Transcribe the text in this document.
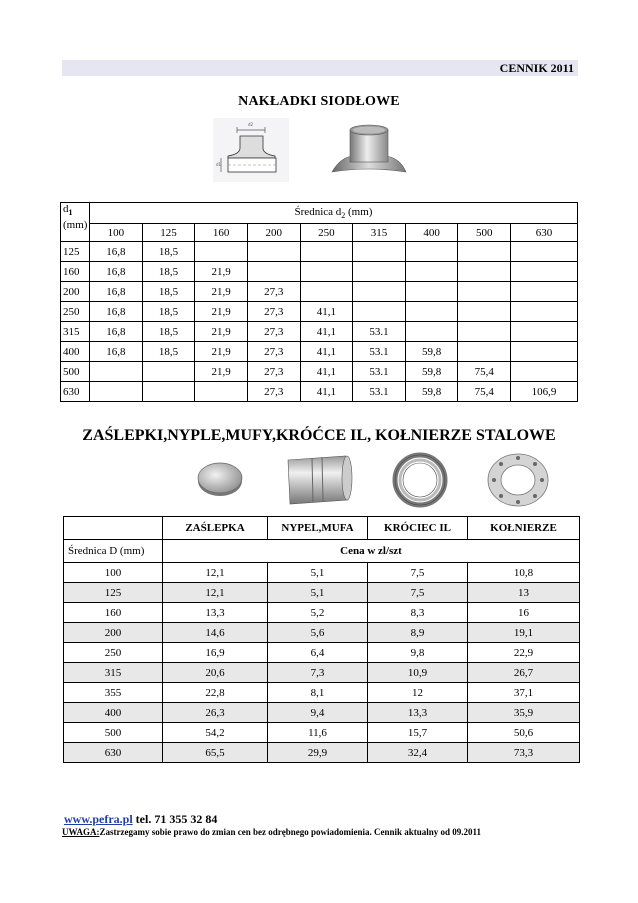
CENNIK 2011
NAKŁADKI SIODŁOWE
d2
d1
$d_1$
(mm)	Średnica $d_2$ (mm)								
	100	125	160	200	250	315	400	500	630
125	16,8	18,5							
160	16,8	18,5	21,9						
200	16,8	18,5	21,9	27,3					
250	16,8	18,5	21,9	27,3	41,1				
315	16,8	18,5	21,9	27,3	41,1	53.1			
400	16,8	18,5	21,9	27,3	41,1	53.1	59,8		
500			21,9	27,3	41,1	53.1	59,8	75,4	
630				27,3	41,1	53.1	59,8	75,4	106,9
ZAŚLEPKI,NYPLE,MUFY,KRÓĆCE IL, KOŁNIERZE STALOWE
	ZAŚLEPKA	NYPEL,MUFA	KRÓCIEC IL	KOŁNIERZE
Średnica D (mm)	Cena w zl/szt			
100	12,1	5,1	7,5	10,8
125	12,1	5,1	7,5	13
160	13,3	5,2	8,3	16
200	14,6	5,6	8,9	19,1
250	16,9	6,4	9,8	22,9
315	20,6	7,3	10,9	26,7
355	22,8	8,1	12	37,1
400	26,3	9,4	13,3	35,9
500	54,2	11,6	15,7	50,6
630	65,5	29,9	32,4	73,3
www.pefra.pl tel. 71 355 32 84
UWAGA:Zastrzegamy sobie prawo do zmian cen bez odrębnego powiadomienia. Cennik aktualny od 09.2011
